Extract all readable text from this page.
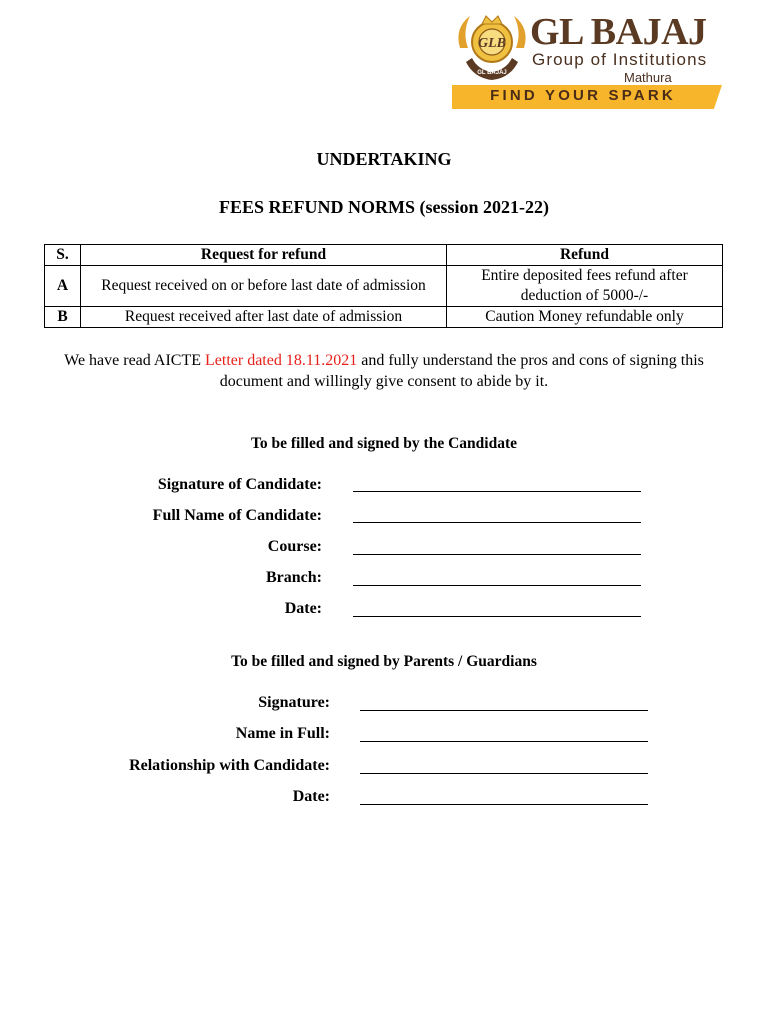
GLB
GL BAJAJ
GL BAJAJ
Group of Institutions
Mathura
FIND YOUR SPARK
UNDERTAKING
FEES REFUND NORMS (session 2021-22)
S.	Request for refund	Refund
A	Request received on or before last date of admission	Entire deposited fees refund after deduction of 5000-/-
B	Request received after last date of admission	Caution Money refundable only
We have read AICTE Letter dated 18.11.2021 and fully understand the pros and cons of signing this document and willingly give consent to abide by it.
To be filled and signed by the Candidate
Signature of Candidate:
Full Name of Candidate:
Course:
Branch:
Date:
To be filled and signed by Parents / Guardians
Signature:
Name in Full:
Relationship with Candidate:
Date:
